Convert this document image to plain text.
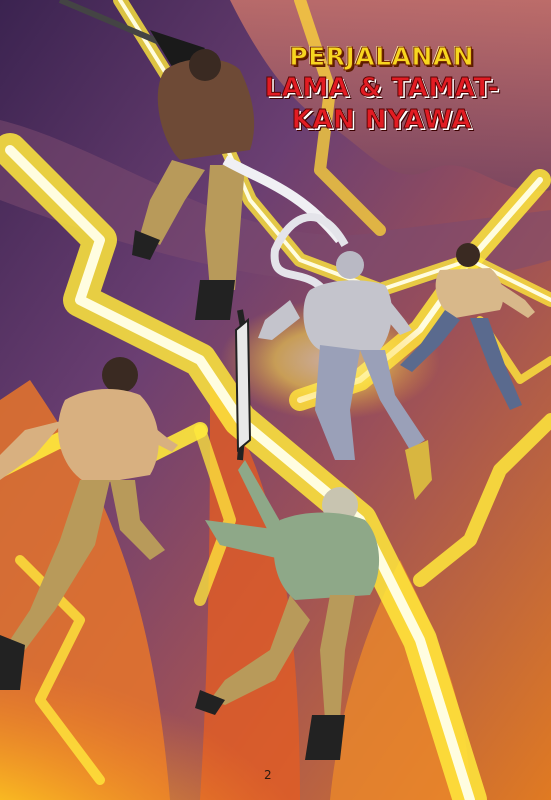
PERJALANAN
LAMA & TAMAT-
KAN NYAWA
2
